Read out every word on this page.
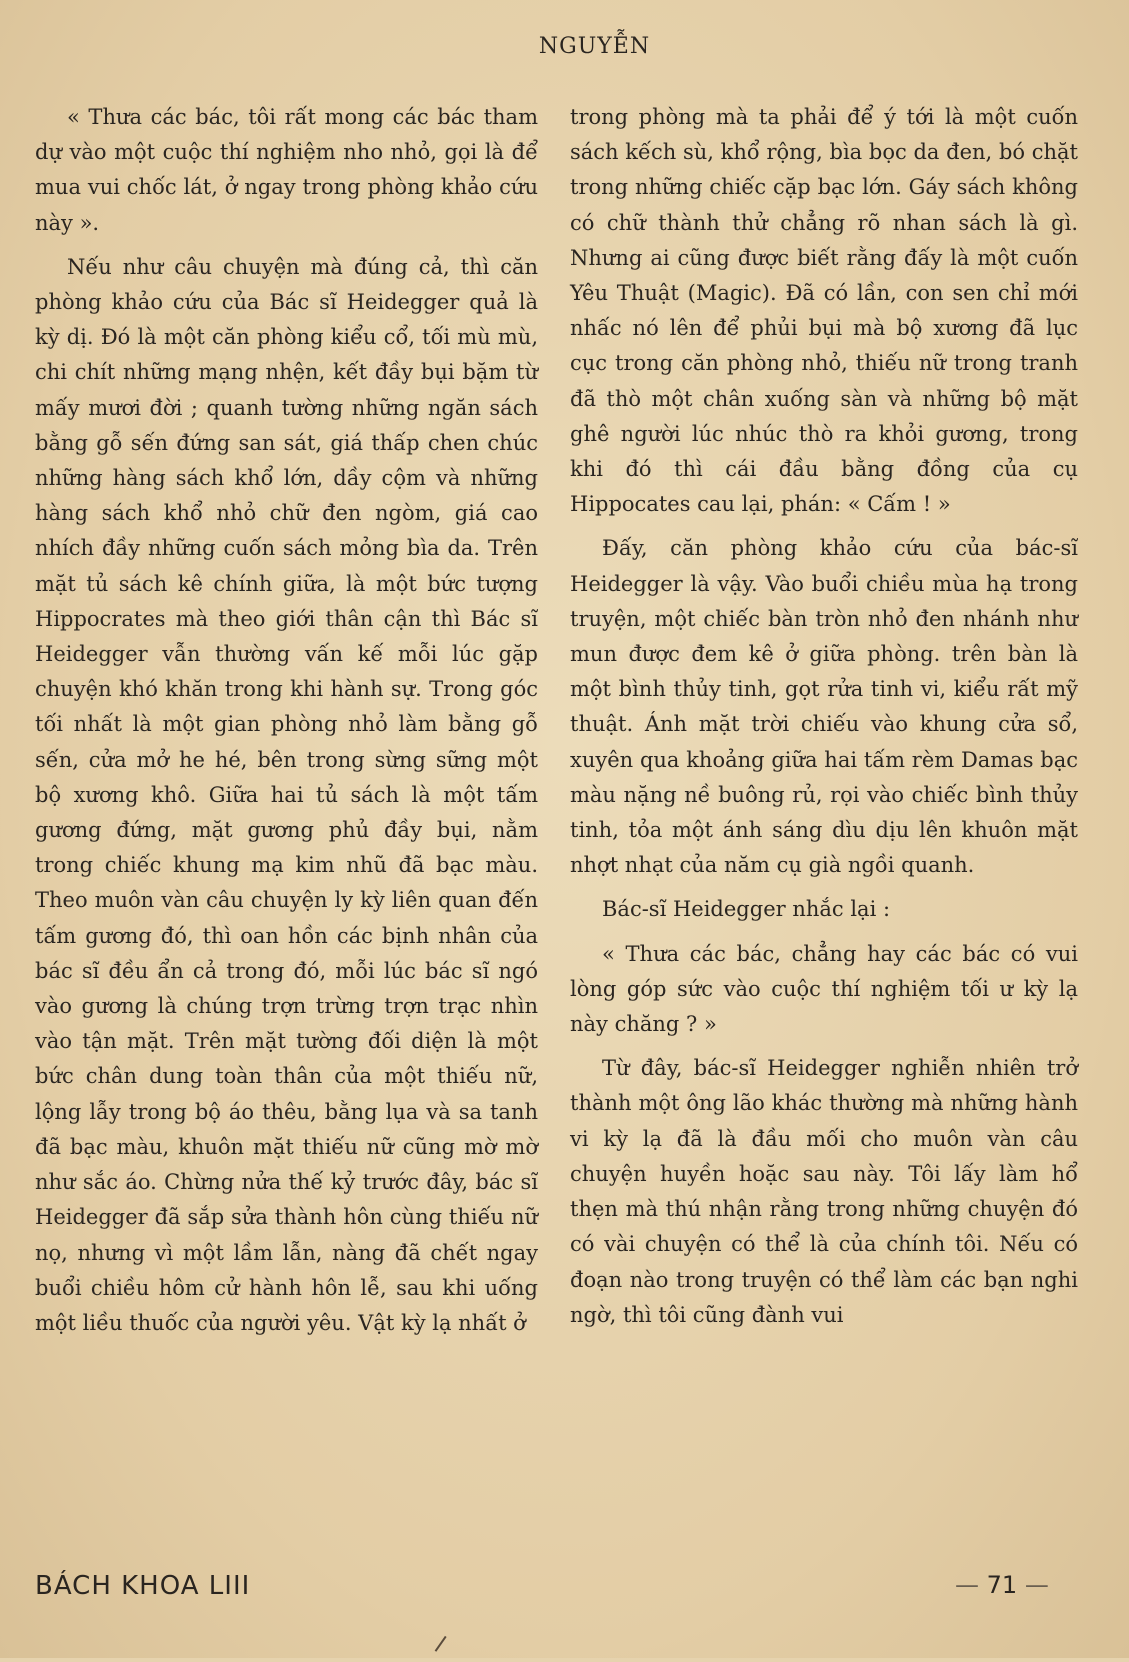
NGUYỄN

« Thưa các bác, tôi rất mong các bác tham dự vào một cuộc thí nghiệm nho nhỏ, gọi là để mua vui chốc lát, ở ngay trong phòng khảo cứu này ».

Nếu như câu chuyện mà đúng cả, thì căn phòng khảo cứu của Bác sĩ Heidegger quả là kỳ dị. Đó là một căn phòng kiểu cổ, tối mù mù, chi chít những mạng nhện, kết đầy bụi bặm từ mấy mươi đời ; quanh tường những ngăn sách bằng gỗ sến đứng san sát, giá thấp chen chúc những hàng sách khổ lớn, dầy cộm và những hàng sách khổ nhỏ chữ đen ngòm, giá cao nhích đầy những cuốn sách mỏng bìa da. Trên mặt tủ sách kê chính giữa, là một bức tượng Hippocrates mà theo giới thân cận thì Bác sĩ Heidegger vẫn thường vấn kế mỗi lúc gặp chuyện khó khăn trong khi hành sự. Trong góc tối nhất là một gian phòng nhỏ làm bằng gỗ sến, cửa mở he hé, bên trong sừng sững một bộ xương khô. Giữa hai tủ sách là một tấm gương đứng, mặt gương phủ đầy bụi, nằm trong chiếc khung mạ kim nhũ đã bạc màu. Theo muôn vàn câu chuyện ly kỳ liên quan đến tấm gương đó, thì oan hồn các bịnh nhân của bác sĩ đều ẩn cả trong đó, mỗi lúc bác sĩ ngó vào gương là chúng trợn trừng trợn trạc nhìn vào tận mặt. Trên mặt tường đối diện là một bức chân dung toàn thân của một thiếu nữ, lộng lẫy trong bộ áo thêu, bằng lụa và sa tanh đã bạc màu, khuôn mặt thiếu nữ cũng mờ mờ như sắc áo. Chừng nửa thế kỷ trước đây, bác sĩ Heidegger đã sắp sửa thành hôn cùng thiếu nữ nọ, nhưng vì một lầm lẫn, nàng đã chết ngay buổi chiều hôm cử hành hôn lễ, sau khi uống một liều thuốc của người yêu. Vật kỳ lạ nhất ở

trong phòng mà ta phải để ý tới là một cuốn sách kếch sù, khổ rộng, bìa bọc da đen, bó chặt trong những chiếc cặp bạc lớn. Gáy sách không có chữ thành thử chẳng rõ nhan sách là gì. Nhưng ai cũng được biết rằng đấy là một cuốn Yêu Thuật (Magic). Đã có lần, con sen chỉ mới nhấc nó lên để phủi bụi mà bộ xương đã lục cục trong căn phòng nhỏ, thiếu nữ trong tranh đã thò một chân xuống sàn và những bộ mặt ghê người lúc nhúc thò ra khỏi gương, trong khi đó thì cái đầu bằng đồng của cụ Hippocates cau lại, phán: « Cấm ! »

Đấy, căn phòng khảo cứu của bác-sĩ Heidegger là vậy. Vào buổi chiều mùa hạ trong truyện, một chiếc bàn tròn nhỏ đen nhánh như mun được đem kê ở giữa phòng. trên bàn là một bình thủy tinh, gọt rửa tinh vi, kiểu rất mỹ thuật. Ánh mặt trời chiếu vào khung cửa sổ, xuyên qua khoảng giữa hai tấm rèm Damas bạc màu nặng nề buông rủ, rọi vào chiếc bình thủy tinh, tỏa một ánh sáng dìu dịu lên khuôn mặt nhợt nhạt của năm cụ già ngồi quanh.

Bác-sĩ Heidegger nhắc lại :

« Thưa các bác, chẳng hay các bác có vui lòng góp sức vào cuộc thí nghiệm tối ư kỳ lạ này chăng ? »

Từ đây, bác-sĩ Heidegger nghiễn nhiên trở thành một ông lão khác thường mà những hành vi kỳ lạ đã là đầu mối cho muôn vàn câu chuyện huyền hoặc sau này. Tôi lấy làm hổ thẹn mà thú nhận rằng trong những chuyện đó có vài chuyện có thể là của chính tôi. Nếu có đoạn nào trong truyện có thể làm các bạn nghi ngờ, thì tôi cũng đành vui

BÁCH KHOA LIII	— 71 —
